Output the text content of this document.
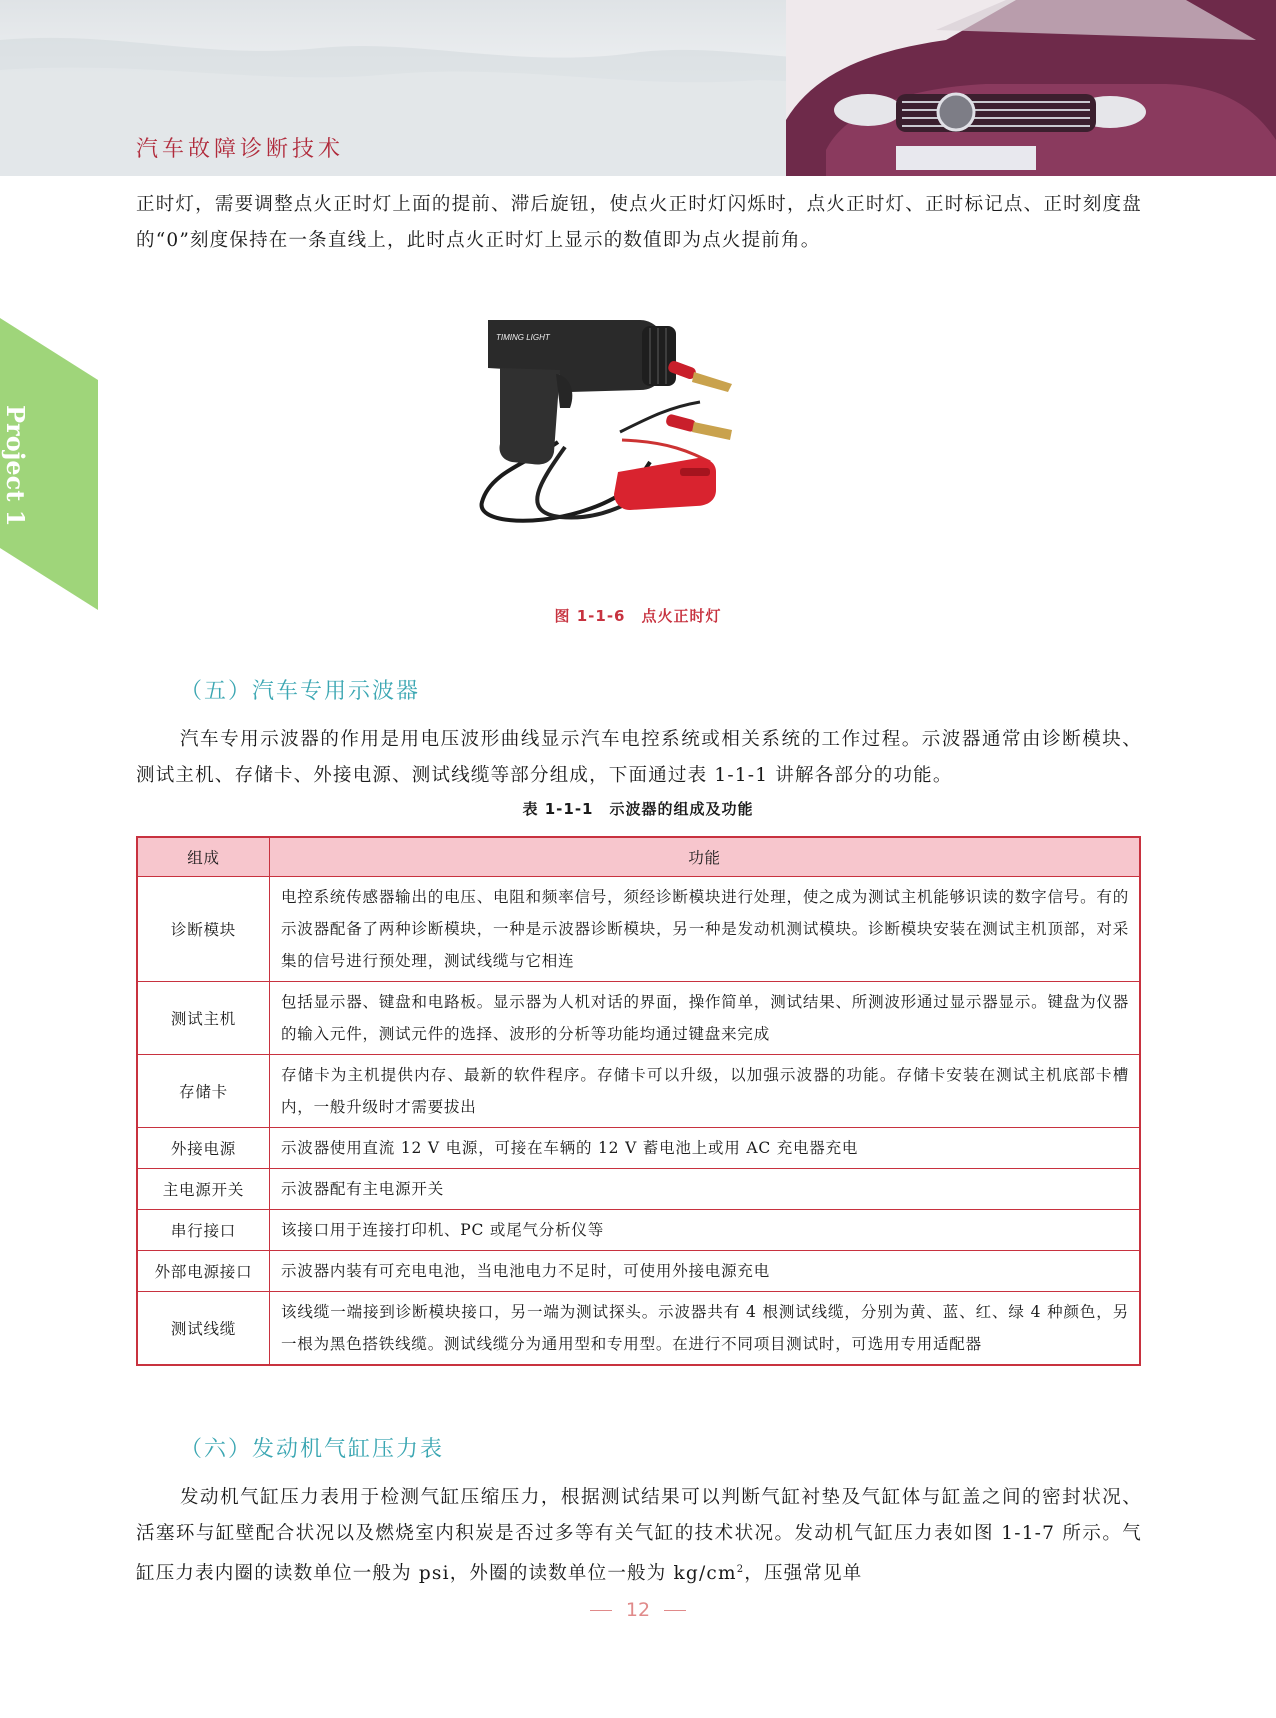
汽车故障诊断技术
Project 1

正时灯，需要调整点火正时灯上面的提前、滞后旋钮，使点火正时灯闪烁时，点火正时灯、正时标记点、正时刻度盘的“0”刻度保持在一条直线上，此时点火正时灯上显示的数值即为点火提前角。

TIMING LIGHT

图 1-1-6　点火正时灯

（五）汽车专用示波器

汽车专用示波器的作用是用电压波形曲线显示汽车电控系统或相关系统的工作过程。示波器通常由诊断模块、测试主机、存储卡、外接电源、测试线缆等部分组成，下面通过表 1-1-1 讲解各部分的功能。

表 1-1-1　示波器的组成及功能

组成	功能
诊断模块	电控系统传感器输出的电压、电阻和频率信号，须经诊断模块进行处理，使之成为测试主机能够识读的数字信号。有的示波器配备了两种诊断模块，一种是示波器诊断模块，另一种是发动机测试模块。诊断模块安装在测试主机顶部，对采集的信号进行预处理，测试线缆与它相连
测试主机	包括显示器、键盘和电路板。显示器为人机对话的界面，操作简单，测试结果、所测波形通过显示器显示。键盘为仪器的输入元件，测试元件的选择、波形的分析等功能均通过键盘来完成
存储卡	存储卡为主机提供内存、最新的软件程序。存储卡可以升级，以加强示波器的功能。存储卡安装在测试主机底部卡槽内，一般升级时才需要拔出
外接电源	示波器使用直流 12 V 电源，可接在车辆的 12 V 蓄电池上或用 AC 充电器充电
主电源开关	示波器配有主电源开关
串行接口	该接口用于连接打印机、PC 或尾气分析仪等
外部电源接口	示波器内装有可充电电池，当电池电力不足时，可使用外接电源充电
测试线缆	该线缆一端接到诊断模块接口，另一端为测试探头。示波器共有 4 根测试线缆，分别为黄、蓝、红、绿 4 种颜色，另一根为黑色搭铁线缆。测试线缆分为通用型和专用型。在进行不同项目测试时，可选用专用适配器
（六）发动机气缸压力表

发动机气缸压力表用于检测气缸压缩压力，根据测试结果可以判断气缸衬垫及气缸体与缸盖之间的密封状况、活塞环与缸壁配合状况以及燃烧室内积炭是否过多等有关气缸的技术状况。发动机气缸压力表如图 1-1-7 所示。气缸压力表内圈的读数单位一般为 psi，外圈的读数单位一般为 $kg/cm^2$，压强常见单

12
